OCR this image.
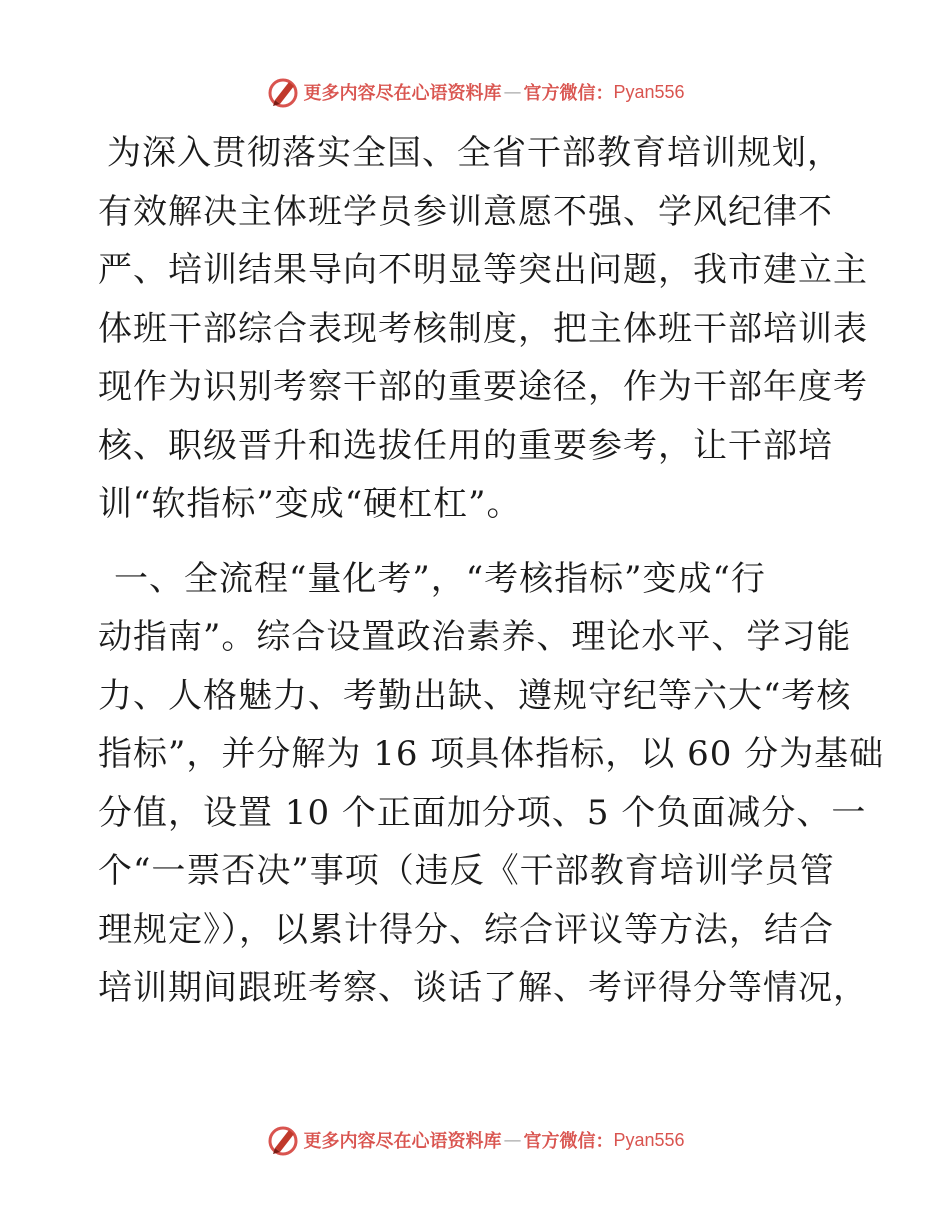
更多内容尽在心语资料库 — 官方微信： Pyan556
为深入贯彻落实全国、全省干部教育培训规划，
有效解决主体班学员参训意愿不强、学风纪律不
严、培训结果导向不明显等突出问题，我市建立主
体班干部综合表现考核制度，把主体班干部培训表
现作为识别考察干部的重要途径，作为干部年度考
核、职级晋升和选拔任用的重要参考，让干部培
训“软指标”变成“硬杠杠”。
一、全流程“量化考”，“考核指标”变成“行
动指南”。综合设置政治素养、理论水平、学习能
力、人格魅力、考勤出缺、遵规守纪等六大“考核
指标”，并分解为 16 项具体指标，以 60 分为基础
分值，设置 10 个正面加分项、5 个负面减分、一
个“一票否决”事项（违反《干部教育培训学员管
理规定》），以累计得分、综合评议等方法，结合
培训期间跟班考察、谈话了解、考评得分等情况，
更多内容尽在心语资料库 — 官方微信： Pyan556
